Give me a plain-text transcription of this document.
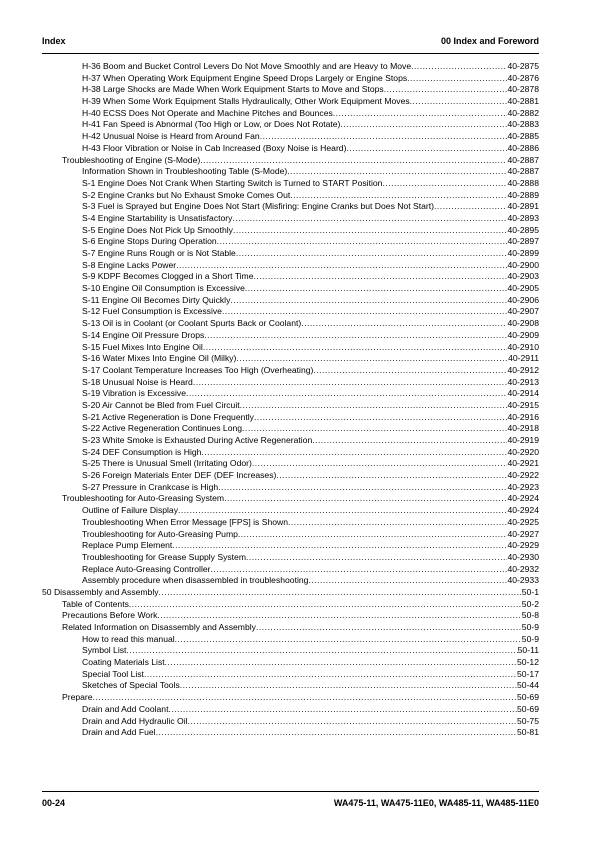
Index	00 Index and Foreword
H-36 Boom and Bucket Control Levers Do Not Move Smoothly and are Heavy to Move .....	40-2875
H-37 When Operating Work Equipment Engine Speed Drops Largely or Engine Stops .....	40-2876
H-38 Large Shocks are Made When Work Equipment Starts to Move and Stops .....	40-2878
H-39 When Some Work Equipment Stalls Hydraulically, Other Work Equipment Moves .....	40-2881
H-40 ECSS Does Not Operate and Machine Pitches and Bounces .....	40-2882
H-41 Fan Speed is Abnormal (Too High or Low, or Does Not Rotate) .....	40-2883
H-42 Unusual Noise is Heard from Around Fan .....	40-2885
H-43 Floor Vibration or Noise in Cab Increased (Boxy Noise is Heard) .....	40-2886
Troubleshooting of Engine (S-Mode) .....	40-2887
Information Shown in Troubleshooting Table (S-Mode) .....	40-2887
S-1 Engine Does Not Crank When Starting Switch is Turned to START Position .....	40-2888
S-2 Engine Cranks but No Exhaust Smoke Comes Out .....	40-2889
S-3 Fuel is Sprayed but Engine Does Not Start (Misfiring: Engine Cranks but Does Not Start) .....	40-2891
S-4 Engine Startability is Unsatisfactory .....	40-2893
S-5 Engine Does Not Pick Up Smoothly .....	40-2895
S-6 Engine Stops During Operation .....	40-2897
S-7 Engine Runs Rough or is Not Stable .....	40-2899
S-8 Engine Lacks Power .....	40-2900
S-9 KDPF Becomes Clogged in a Short Time .....	40-2903
S-10 Engine Oil Consumption is Excessive .....	40-2905
S-11 Engine Oil Becomes Dirty Quickly .....	40-2906
S-12 Fuel Consumption is Excessive .....	40-2907
S-13 Oil is in Coolant (or Coolant Spurts Back or Coolant) .....	40-2908
S-14 Engine Oil Pressure Drops .....	40-2909
S-15 Fuel Mixes Into Engine Oil .....	40-2910
S-16 Water Mixes Into Engine Oil (Milky) .....	40-2911
S-17 Coolant Temperature Increases Too High (Overheating) .....	40-2912
S-18 Unusual Noise is Heard .....	40-2913
S-19 Vibration is Excessive .....	40-2914
S-20 Air Cannot be Bled from Fuel Circuit .....	40-2915
S-21 Active Regeneration is Done Frequently .....	40-2916
S-22 Active Regeneration Continues Long .....	40-2918
S-23 White Smoke is Exhausted During Active Regeneration .....	40-2919
S-24 DEF Consumption is High .....	40-2920
S-25 There is Unusual Smell (Irritating Odor) .....	40-2921
S-26 Foreign Materials Enter DEF (DEF Increases) .....	40-2922
S-27 Pressure in Crankcase is High .....	40-2923
Troubleshooting for Auto-Greasing System .....	40-2924
Outline of Failure Display .....	40-2924
Troubleshooting When Error Message [FPS] is Shown .....	40-2925
Troubleshooting for Auto-Greasing Pump .....	40-2927
Replace Pump Element .....	40-2929
Troubleshooting for Grease Supply System .....	40-2930
Replace Auto-Greasing Controller .....	40-2932
Assembly procedure when disassembled in troubleshooting .....	40-2933
50 Disassembly and Assembly .....	50-1
Table of Contents .....	50-2
Precautions Before Work .....	50-8
Related Information on Disassembly and Assembly .....	50-9
How to read this manual .....	50-9
Symbol List .....	50-11
Coating Materials List .....	50-12
Special Tool List .....	50-17
Sketches of Special Tools .....	50-44
Prepare .....	50-69
Drain and Add Coolant .....	50-69
Drain and Add Hydraulic Oil .....	50-75
Drain and Add Fuel .....	50-81
00-24	WA475-11, WA475-11E0, WA485-11, WA485-11E0
